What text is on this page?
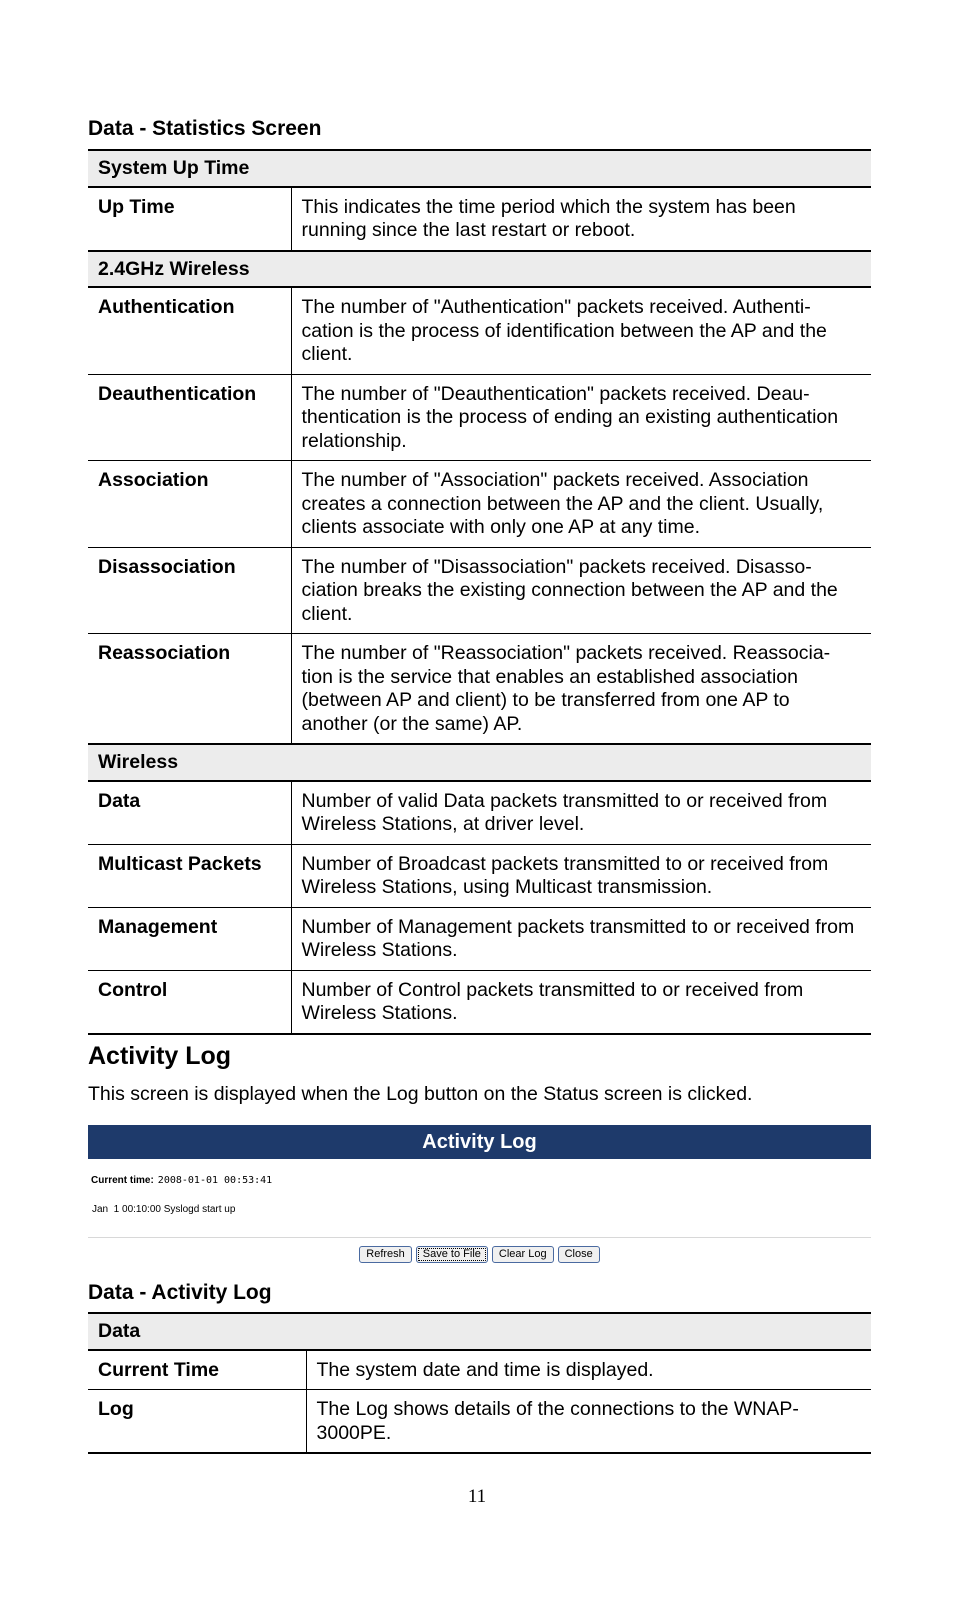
Data - Statistics Screen
System Up Time	
Up Time	This indicates the time period which the system has been running since the last restart or reboot.
2.4GHz Wireless	
Authentication	The number of "Authentication" packets received. Authenti-cation is the process of identification between the AP and the client.
Deauthentication	The number of "Deauthentication" packets received. Deau-thentication is the process of ending an existing authentication relationship.
Association	The number of "Association" packets received. Association creates a connection between the AP and the client. Usually, clients associate with only one AP at any time.
Disassociation	The number of "Disassociation" packets received. Disasso-ciation breaks the existing connection between the AP and the client.
Reassociation	The number of "Reassociation" packets received. Reassocia-tion is the service that enables an established association (between AP and client) to be transferred from one AP to another (or the same) AP.
Wireless	
Data	Number of valid Data packets transmitted to or received from Wireless Stations, at driver level.
Multicast Packets	Number of Broadcast packets transmitted to or received from Wireless Stations, using Multicast transmission.
Management	Number of Management packets transmitted to or received from Wireless Stations.
Control	Number of Control packets transmitted to or received from Wireless Stations.
Activity Log

This screen is displayed when the Log button on the Status screen is clicked.

Activity Log
Current time: 2008-01-01 00:53:41
Jan  1 00:10:00 Syslogd start up
Refresh Save to File Clear Log Close
Data - Activity Log
Data	
Current Time	The system date and time is displayed.
Log	The Log shows details of the connections to the WNAP-3000PE.
11
